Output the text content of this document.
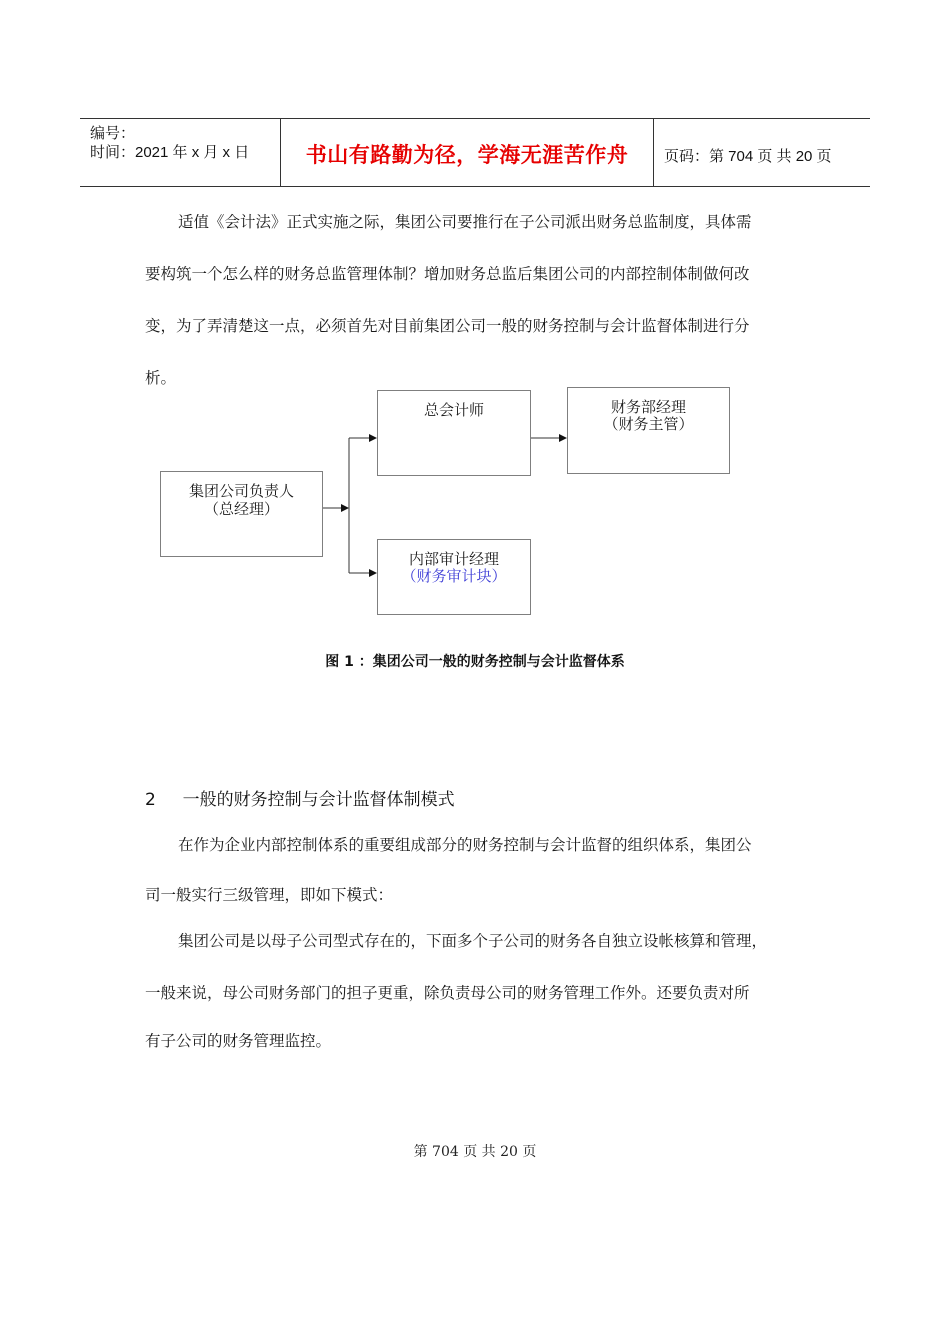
编号：
时间：2021 年 x 月 x 日	书山有路勤为径，学海无涯苦作舟	页码：第 704 页 共 20 页
适值《会计法》正式实施之际，集团公司要推行在子公司派出财务总监制度，具体需
要构筑一个怎么样的财务总监管理体制？增加财务总监后集团公司的内部控制体制做何改
变，为了弄清楚这一点，必须首先对目前集团公司一般的财务控制与会计监督体制进行分
析。
集团公司负责人
（总经理）
总会计师	财务部经理
（财务主管）
内部审计经理
（财务审计块）
图 1 ：集团公司一般的财务控制与会计监督体系
2 一般的财务控制与会计监督体制模式
在作为企业内部控制体系的重要组成部分的财务控制与会计监督的组织体系，集团公
司一般实行三级管理，即如下模式：
集团公司是以母子公司型式存在的，下面多个子公司的财务各自独立设帐核算和管理，
一般来说，母公司财务部门的担子更重，除负责母公司的财务管理工作外。还要负责对所
有子公司的财务管理监控。
第 704 页 共 20 页
